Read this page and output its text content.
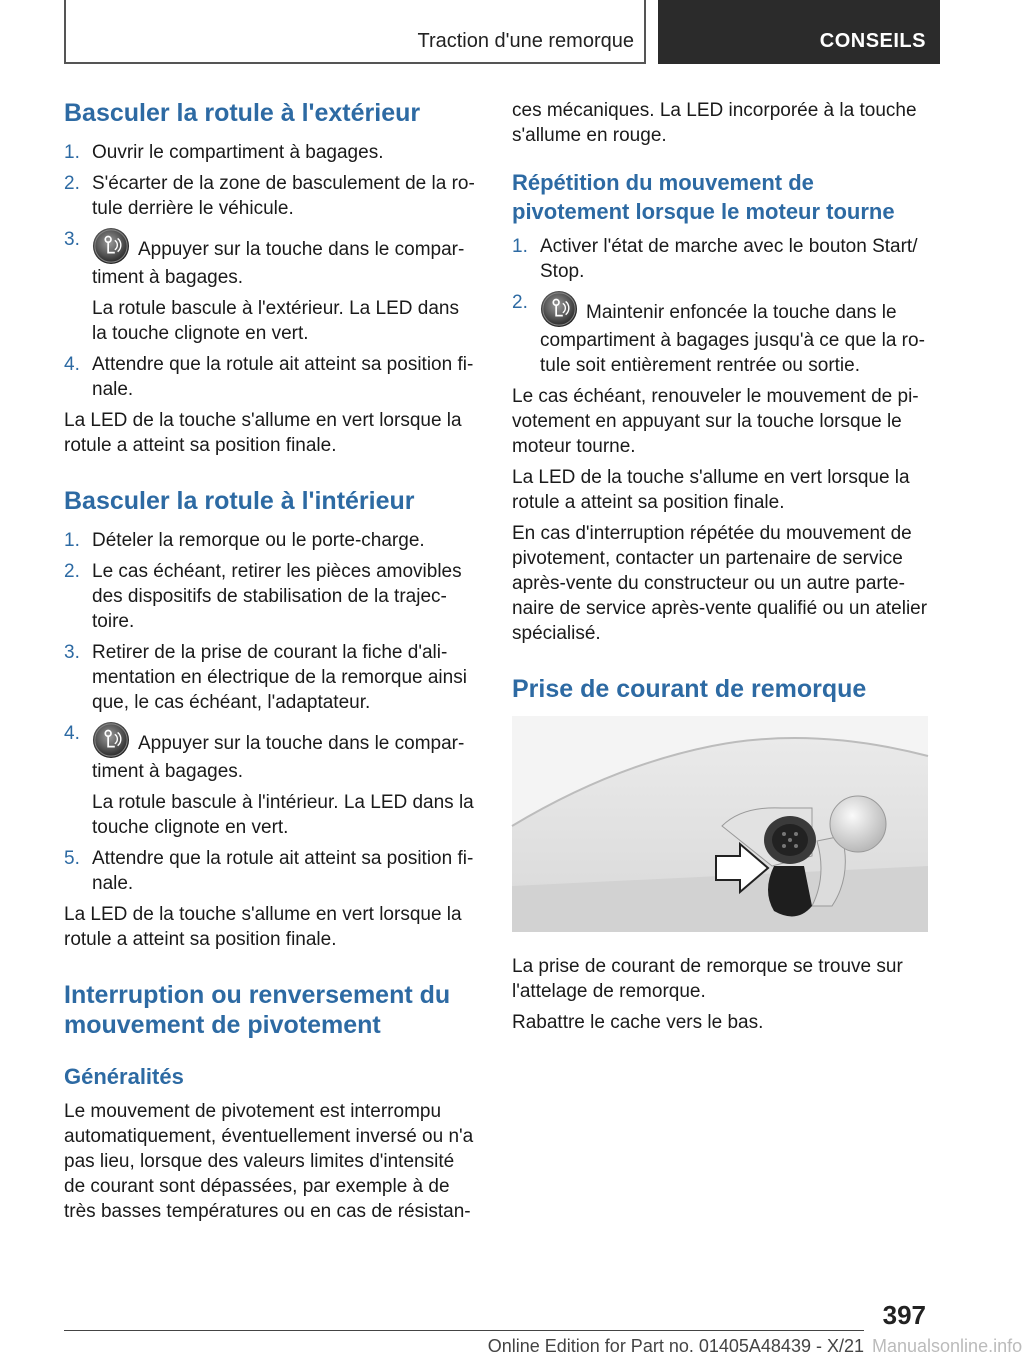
Traction d'une remorque	CONSEILS
Basculer la rotule à l'extérieur
1. Ouvrir le compartiment à bagages.

2. S'écarter de la zone de basculement de la ro‐ tule derrière le véhicule.

3.	Appuyer sur la touche dans le compar‐ timent à bagages.

La rotule bascule à l'extérieur. La LED dans la touche clignote en vert.

4. Attendre que la rotule ait atteint sa position fi‐ nale.

La LED de la touche s'allume en vert lorsque la rotule a atteint sa position finale.

Basculer la rotule à l'intérieur
1. Dételer la remorque ou le porte-charge.

2. Le cas échéant, retirer les pièces amovibles des dispositifs de stabilisation de la trajec‐ toire.

3. Retirer de la prise de courant la fiche d'ali‐ mentation en électrique de la remorque ainsi que, le cas échéant, l'adaptateur.

4.	Appuyer sur la touche dans le compar‐ timent à bagages.

La rotule bascule à l'intérieur. La LED dans la touche clignote en vert.

5. Attendre que la rotule ait atteint sa position fi‐ nale.

La LED de la touche s'allume en vert lorsque la rotule a atteint sa position finale.

Interruption ou renversement du mouvement de pivotement
Généralités

Le mouvement de pivotement est interrompu automatiquement, éventuellement inversé ou n'a pas lieu, lorsque des valeurs limites d'intensité de courant sont dépassées, par exemple à de très basses températures ou en cas de résistan‐

ces mécaniques. La LED incorporée à la touche s'allume en rouge.

Répétition du mouvement de pivotement lorsque le moteur tourne
1. Activer l'état de marche avec le bouton Start/ Stop.

2.	Maintenir enfoncée la touche dans le compartiment à bagages jusqu'à ce que la ro‐ tule soit entièrement rentrée ou sortie.

Le cas échéant, renouveler le mouvement de pi‐ votement en appuyant sur la touche lorsque le moteur tourne.

La LED de la touche s'allume en vert lorsque la rotule a atteint sa position finale.

En cas d'interruption répétée du mouvement de pivotement, contacter un partenaire de service après-vente du constructeur ou un autre parte‐ naire de service après-vente qualifié ou un atelier spécialisé.

Prise de courant de remorque

La prise de courant de remorque se trouve sur l'attelage de remorque.

Rabattre le cache vers le bas.

397
Online Edition for Part no. 01405A48439 - X/21 Manualsonline.info
